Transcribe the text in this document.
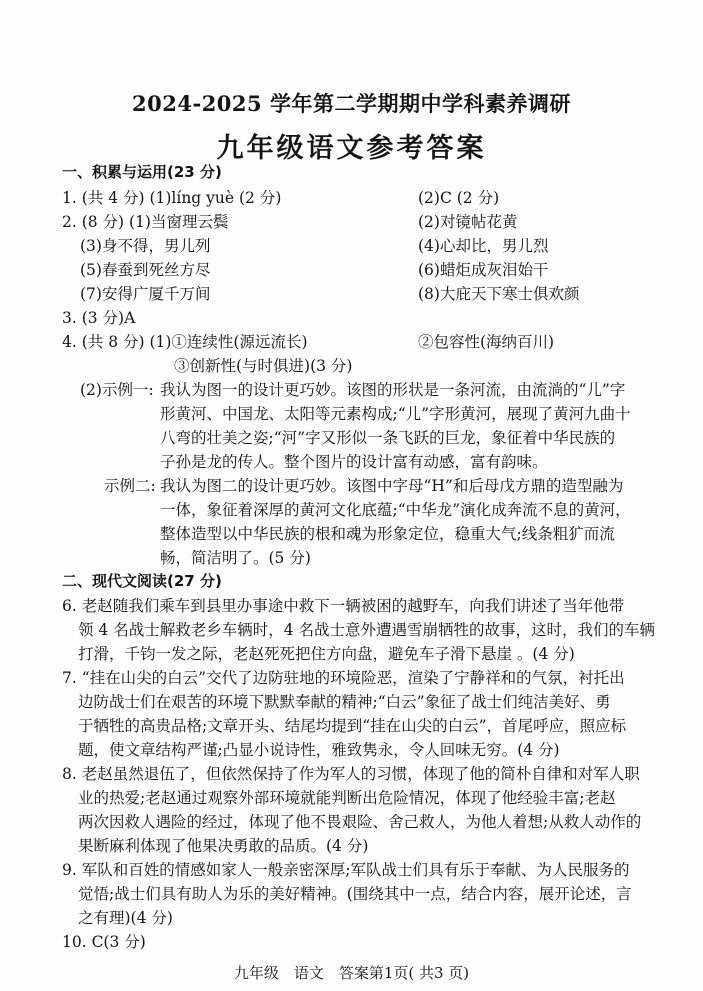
2024-2025 学年第二学期期中学科素养调研
九年级语文参考答案
一、积累与运用(23 分)
1. (共 4 分) (1)líng yuè (2 分)	(2)C (2 分)
2. (8 分) (1)当窗理云鬓	(2)对镜帖花黄
(3)身不得，男儿列	(4)心却比，男儿烈
(5)春蚕到死丝方尽	(6)蜡炬成灰泪始干
(7)安得广厦千万间	(8)大庇天下寒士俱欢颜
3. (3 分)A
4. (共 8 分) (1)①连续性(源远流长)	②包容性(海纳百川)
③创新性(与时俱进)(3 分)
(2)示例一: 我认为图一的设计更巧妙。该图的形状是一条河流，由流淌的“儿”字
形黄河、中国龙、太阳等元素构成;“儿”字形黄河，展现了黄河九曲十
八弯的壮美之姿;“河”字又形似一条飞跃的巨龙，象征着中华民族的
子孙是龙的传人。整个图片的设计富有动感，富有韵味。
示例二: 我认为图二的设计更巧妙。该图中字母“H”和后母戊方鼎的造型融为
一体，象征着深厚的黄河文化底蕴;“中华龙”演化成奔流不息的黄河，
整体造型以中华民族的根和魂为形象定位，稳重大气;线条粗犷而流
畅，简洁明了。(5 分)
二、现代文阅读(27 分)
6. 老赵随我们乘车到县里办事途中救下一辆被困的越野车，向我们讲述了当年他带
领 4 名战士解救老乡车辆时，4 名战士意外遭遇雪崩牺牲的故事，这时，我们的车辆
打滑，千钧一发之际，老赵死死把住方向盘，避免车子滑下悬崖 。(4 分)
7. “挂在山尖的白云”交代了边防驻地的环境险恶，渲染了宁静祥和的气氛，衬托出
边防战士们在艰苦的环境下默默奉献的精神;“白云”象征了战士们纯洁美好、勇
于牺牲的高贵品格;文章开头、结尾均提到“挂在山尖的白云”，首尾呼应，照应标
题，使文章结构严谨;凸显小说诗性，雅致隽永，令人回味无穷。(4 分)
8. 老赵虽然退伍了，但依然保持了作为军人的习惯，体现了他的简朴自律和对军人职
业的热爱;老赵通过观察外部环境就能判断出危险情况，体现了他经验丰富;老赵
两次因救人遇险的经过，体现了他不畏艰险、舍己救人，为他人着想;从救人动作的
果断麻利体现了他果决勇敢的品质。(4 分)
9. 军队和百姓的情感如家人一般亲密深厚;军队战士们具有乐于奉献、为人民服务的
觉悟;战士们具有助人为乐的美好精神。(围绕其中一点，结合内容，展开论述，言
之有理)(4 分)
10. C(3 分)
九年级　语文　答案第1页( 共3 页)
